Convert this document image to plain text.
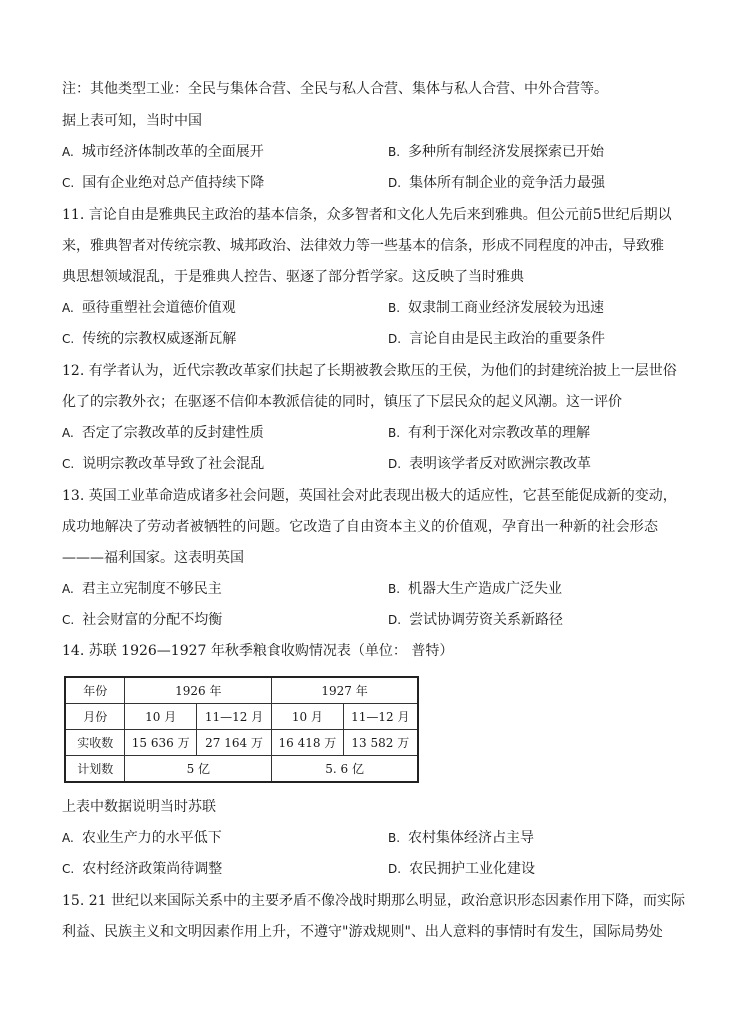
注：其他类型工业：全民与集体合营、全民与私人合营、集体与私人合营、中外合营等。
据上表可知，当时中国
A. 城市经济体制改革的全面展开	B. 多种所有制经济发展探索已开始
C. 国有企业绝对总产值持续下降	D. 集体所有制企业的竞争活力最强
11. 言论自由是雅典民主政治的基本信条，众多智者和文化人先后来到雅典。但公元前5世纪后期以
来，雅典智者对传统宗教、城邦政治、法律效力等一些基本的信条，形成不同程度的冲击，导致雅
典思想领域混乱，于是雅典人控告、驱逐了部分哲学家。这反映了当时雅典
A. 亟待重塑社会道德价值观	B. 奴隶制工商业经济发展较为迅速
C. 传统的宗教权威逐渐瓦解	D. 言论自由是民主政治的重要条件
12. 有学者认为，近代宗教改革家们扶起了长期被教会欺压的王侯，为他们的封建统治披上一层世俗
化了的宗教外衣；在驱逐不信仰本教派信徒的同时，镇压了下层民众的起义风潮。这一评价
A. 否定了宗教改革的反封建性质	B. 有利于深化对宗教改革的理解
C. 说明宗教改革导致了社会混乱	D. 表明该学者反对欧洲宗教改革
13. 英国工业革命造成诸多社会问题，英国社会对此表现出极大的适应性，它甚至能促成新的变动，
成功地解决了劳动者被牺牲的问题。它改造了自由资本主义的价值观，孕育出一种新的社会形态
———福利国家。这表明英国
A. 君主立宪制度不够民主	B. 机器大生产造成广泛失业
C. 社会财富的分配不均衡	D. 尝试协调劳资关系新路径
14. 苏联 1926—1927 年秋季粮食收购情况表（单位： 普特）
年份	1926 年		1927 年	
月份	10 月	11—12 月	10 月	11—12 月
实收数	15 636 万	27 164 万	16 418 万	13 582 万
计划数	5 亿		5. 6 亿	
上表中数据说明当时苏联
A. 农业生产力的水平低下	B. 农村集体经济占主导
C. 农村经济政策尚待调整	D. 农民拥护工业化建设
15. 21 世纪以来国际关系中的主要矛盾不像冷战时期那么明显，政治意识形态因素作用下降，而实际
利益、民族主义和文明因素作用上升，不遵守"游戏规则"、出人意料的事情时有发生，国际局势处
